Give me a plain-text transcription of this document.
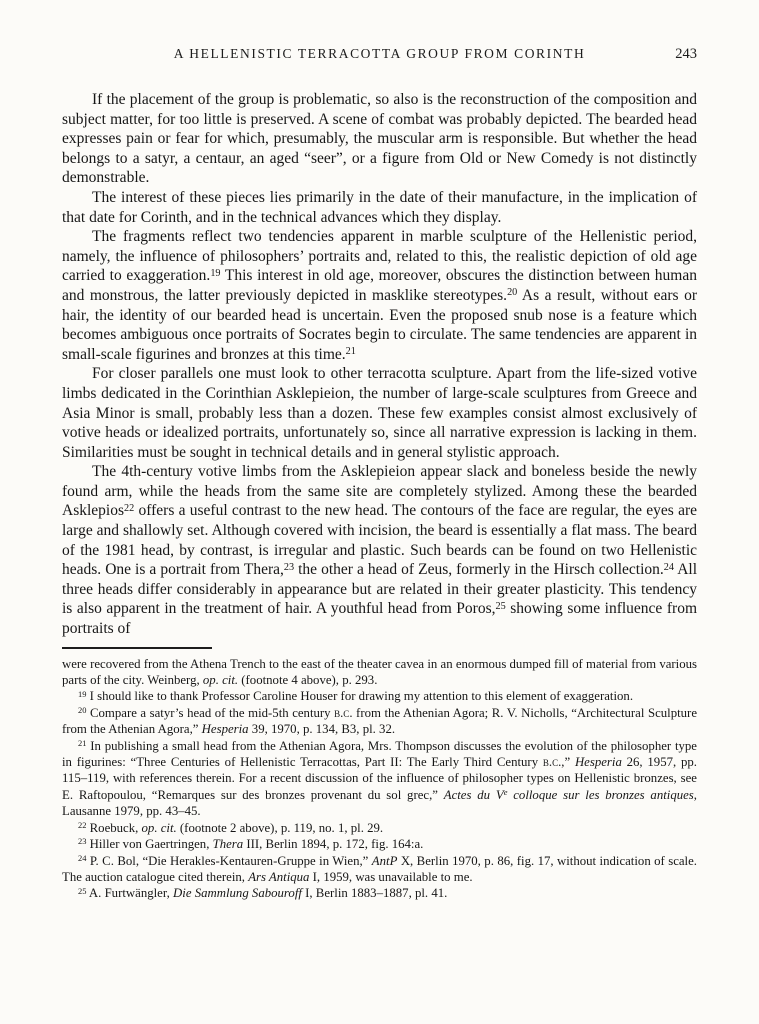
A HELLENISTIC TERRACOTTA GROUP FROM CORINTH	243

If the placement of the group is problematic, so also is the reconstruction of the composition and subject matter, for too little is preserved. A scene of combat was probably depicted. The bearded head expresses pain or fear for which, presumably, the muscular arm is responsible. But whether the head belongs to a satyr, a centaur, an aged “seer”, or a figure from Old or New Comedy is not distinctly demonstrable.

The interest of these pieces lies primarily in the date of their manufacture, in the implication of that date for Corinth, and in the technical advances which they display.

The fragments reflect two tendencies apparent in marble sculpture of the Hellenistic period, namely, the influence of philosophers’ portraits and, related to this, the realistic depiction of old age carried to exaggeration.$^{19}$ This interest in old age, moreover, obscures the distinction between human and monstrous, the latter previously depicted in masklike stereotypes.$^{20}$ As a result, without ears or hair, the identity of our bearded head is uncertain. Even the proposed snub nose is a feature which becomes ambiguous once portraits of Socrates begin to circulate. The same tendencies are apparent in small-scale figurines and bronzes at this time.$^{21}$

For closer parallels one must look to other terracotta sculpture. Apart from the life-sized votive limbs dedicated in the Corinthian Asklepieion, the number of large-scale sculptures from Greece and Asia Minor is small, probably less than a dozen. These few examples consist almost exclusively of votive heads or idealized portraits, unfortunately so, since all narrative expression is lacking in them. Similarities must be sought in technical details and in general stylistic approach.

The 4th-century votive limbs from the Asklepieion appear slack and boneless beside the newly found arm, while the heads from the same site are completely stylized. Among these the bearded Asklepios$^{22}$ offers a useful contrast to the new head. The contours of the face are regular, the eyes are large and shallowly set. Although covered with incision, the beard is essentially a flat mass. The beard of the 1981 head, by contrast, is irregular and plastic. Such beards can be found on two Hellenistic heads. One is a portrait from Thera,$^{23}$ the other a head of Zeus, formerly in the Hirsch collection.$^{24}$ All three heads differ considerably in appearance but are related in their greater plasticity. This tendency is also apparent in the treatment of hair. A youthful head from Poros,$^{25}$ showing some influence from portraits of

were recovered from the Athena Trench to the east of the theater cavea in an enormous dumped fill of material from various parts of the city. Weinberg, op. cit. (footnote 4 above), p. 293.

$^{19}$ I should like to thank Professor Caroline Houser for drawing my attention to this element of exaggeration.

$^{20}$ Compare a satyr’s head of the mid-5th century b.c. from the Athenian Agora; R. V. Nicholls, “Architectural Sculpture from the Athenian Agora,” Hesperia 39, 1970, p. 134, B3, pl. 32.

$^{21}$ In publishing a small head from the Athenian Agora, Mrs. Thompson discusses the evolution of the philosopher type in figurines: “Three Centuries of Hellenistic Terracottas, Part II: The Early Third Century b.c.,” Hesperia 26, 1957, pp. 115–119, with references therein. For a recent discussion of the influence of philosopher types on Hellenistic bronzes, see E. Raftopoulou, “Remarques sur des bronzes provenant du sol grec,” Actes du Ve colloque sur les bronzes antiques, Lausanne 1979, pp. 43–45.

$^{22}$ Roebuck, op. cit. (footnote 2 above), p. 119, no. 1, pl. 29.

$^{23}$ Hiller von Gaertringen, Thera III, Berlin 1894, p. 172, fig. 164:a.

$^{24}$ P. C. Bol, “Die Herakles-Kentauren-Gruppe in Wien,” AntP X, Berlin 1970, p. 86, fig. 17, without indication of scale. The auction catalogue cited therein, Ars Antiqua I, 1959, was unavailable to me.

$^{25}$ A. Furtwängler, Die Sammlung Sabouroff I, Berlin 1883–1887, pl. 41.
